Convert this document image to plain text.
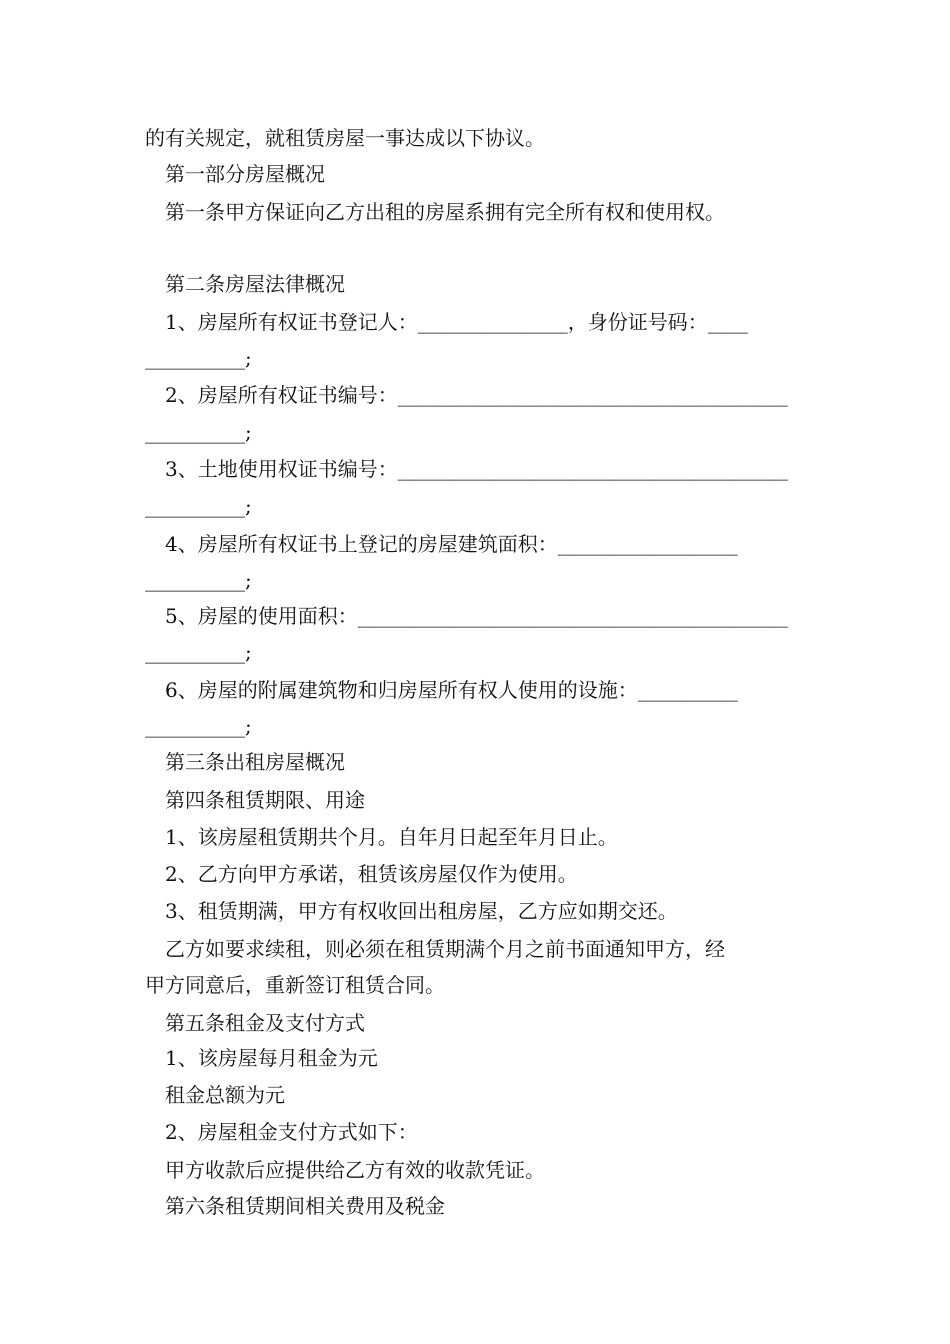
的有关规定，就租赁房屋一事达成以下协议。
第一部分房屋概况
第一条甲方保证向乙方出租的房屋系拥有完全所有权和使用权。
第二条房屋法律概况
1、房屋所有权证书登记人：_______________，身份证号码：____
__________;
2、房屋所有权证书编号：_______________________________________
__________;
3、土地使用权证书编号：_______________________________________
__________;
4、房屋所有权证书上登记的房屋建筑面积：__________________
__________;
5、房屋的使用面积：___________________________________________
__________;
6、房屋的附属建筑物和归房屋所有权人使用的设施：__________
__________;
第三条出租房屋概况
第四条租赁期限、用途
1、该房屋租赁期共个月。自年月日起至年月日止。
2、乙方向甲方承诺，租赁该房屋仅作为使用。
3、租赁期满，甲方有权收回出租房屋，乙方应如期交还。
乙方如要求续租，则必须在租赁期满个月之前书面通知甲方，经
甲方同意后，重新签订租赁合同。
第五条租金及支付方式
1、该房屋每月租金为元
租金总额为元
2、房屋租金支付方式如下：
甲方收款后应提供给乙方有效的收款凭证。
第六条租赁期间相关费用及税金
